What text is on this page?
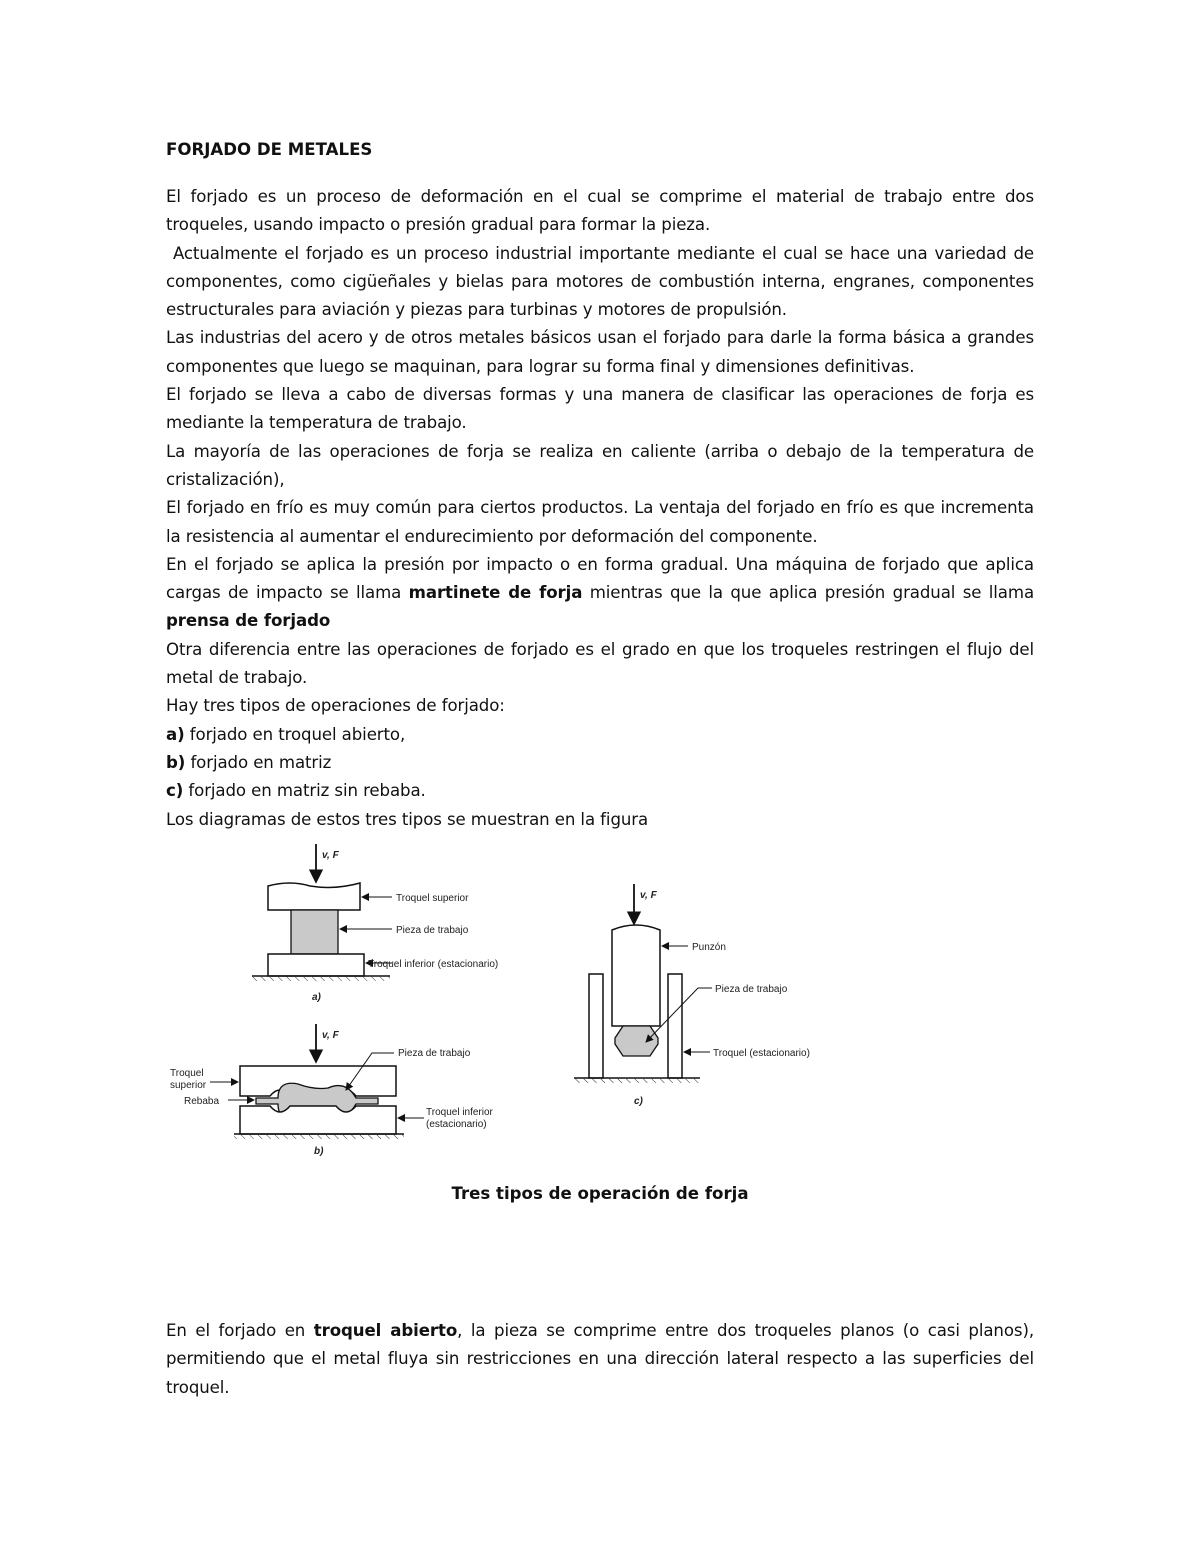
FORJADO DE METALES

El forjado es un proceso de deformación en el cual se comprime el material de trabajo entre dos troqueles, usando impacto o presión gradual para formar la pieza.

Actualmente el forjado es un proceso industrial importante mediante el cual se hace una variedad de componentes, como cigüeñales y bielas para motores de combustión interna, engranes, componentes estructurales para aviación y piezas para turbinas y motores de propulsión.

Las industrias del acero y de otros metales básicos usan el forjado para darle la forma básica a grandes componentes que luego se maquinan, para lograr su forma final y dimensiones definitivas.

El forjado se lleva a cabo de diversas formas y una manera de clasificar las operaciones de forja es mediante la temperatura de trabajo.

La mayoría de las operaciones de forja se realiza en caliente (arriba o debajo de la temperatura de cristalización),

El forjado en frío es muy común para ciertos productos. La ventaja del forjado en frío es que incrementa la resistencia al aumentar el endurecimiento por deformación del componente.

En el forjado se aplica la presión por impacto o en forma gradual. Una máquina de forjado que aplica cargas de impacto se llama martinete de forja mientras que la que aplica presión gradual se llama prensa de forjado

Otra diferencia entre las operaciones de forjado es el grado en que los troqueles restringen el flujo del metal de trabajo.

Hay tres tipos de operaciones de forjado:

a) forjado en troquel abierto,

b) forjado en matriz

c) forjado en matriz sin rebaba.

Los diagramas de estos tres tipos se muestran en la figura

v, F
Troquel superior
Pieza de trabajo
Troquel inferior (estacionario)
a)
v, F
Pieza de trabajo
Troquel
superior
Rebaba
Troquel inferior
(estacionario)
b)
v, F
Punzón
Pieza de trabajo
Troquel (estacionario)
c)
Tres tipos de operación de forja

En el forjado en troquel abierto, la pieza se comprime entre dos troqueles planos (o casi planos), permitiendo que el metal fluya sin restricciones en una dirección lateral respecto a las superficies del troquel.
